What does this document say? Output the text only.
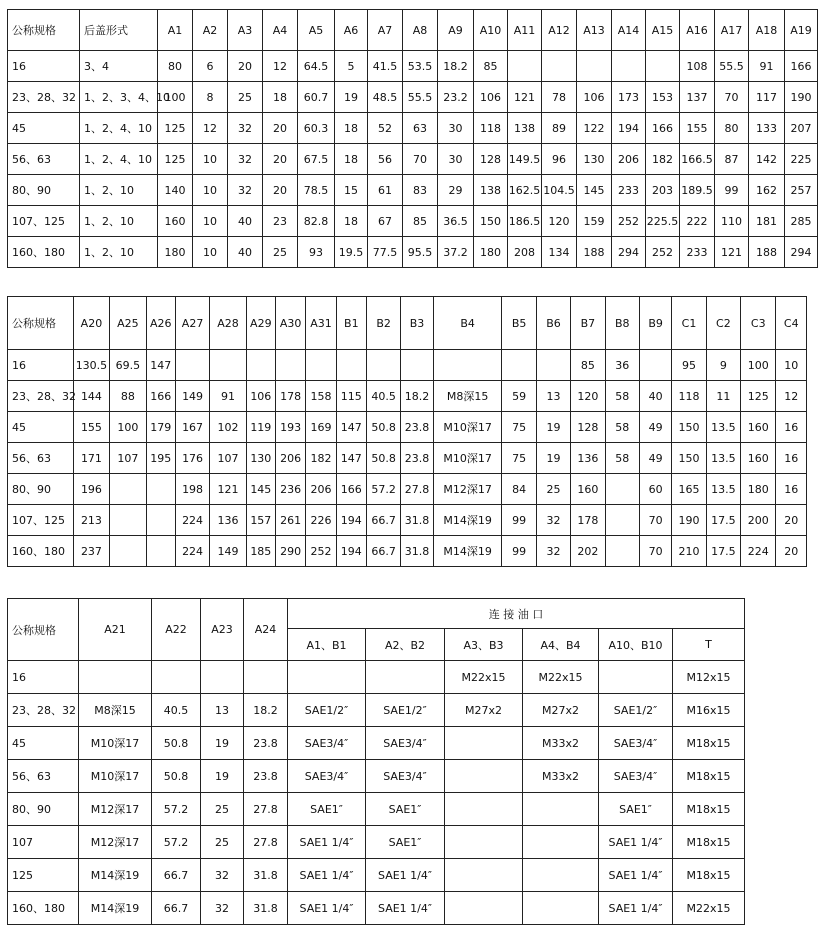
公称规格	后盖形式	A1	A2	A3	A4	A5	A6	A7	A8	A9	A10	A11	A12	A13	A14	A15	A16	A17	A18	A19
16	3、4	80	6	20	12	64.5	5	41.5	53.5	18.2	85						108	55.5	91	166
23、28、32	1、2、3、4、10	100	8	25	18	60.7	19	48.5	55.5	23.2	106	121	78	106	173	153	137	70	117	190
45	1、2、4、10	125	12	32	20	60.3	18	52	63	30	118	138	89	122	194	166	155	80	133	207
56、63	1、2、4、10	125	10	32	20	67.5	18	56	70	30	128	149.5	96	130	206	182	166.5	87	142	225
80、90	1、2、10	140	10	32	20	78.5	15	61	83	29	138	162.5	104.5	145	233	203	189.5	99	162	257
107、125	1、2、10	160	10	40	23	82.8	18	67	85	36.5	150	186.5	120	159	252	225.5	222	110	181	285
160、180	1、2、10	180	10	40	25	93	19.5	77.5	95.5	37.2	180	208	134	188	294	252	233	121	188	294
公称规格	A20	A25	A26	A27	A28	A29	A30	A31	B1	B2	B3	B4	B5	B6	B7	B8	B9	C1	C2	C3	C4
16	130.5	69.5	147												85	36		95	9	100	10
23、28、32	144	88	166	149	91	106	178	158	115	40.5	18.2	M8深15	59	13	120	58	40	118	11	125	12
45	155	100	179	167	102	119	193	169	147	50.8	23.8	M10深17	75	19	128	58	49	150	13.5	160	16
56、63	171	107	195	176	107	130	206	182	147	50.8	23.8	M10深17	75	19	136	58	49	150	13.5	160	16
80、90	196			198	121	145	236	206	166	57.2	27.8	M12深17	84	25	160		60	165	13.5	180	16
107、125	213			224	136	157	261	226	194	66.7	31.8	M14深19	99	32	178		70	190	17.5	200	20
160、180	237			224	149	185	290	252	194	66.7	31.8	M14深19	99	32	202		70	210	17.5	224	20
公称规格	A21	A22	A23	A24	连 接 油 口					
					A1、B1	A2、B2	A3、B3	A4、B4	A10、B10	T
16							M22x15	M22x15		M12x15
23、28、32	M8深15	40.5	13	18.2	SAE1/2″	SAE1/2″	M27x2	M27x2	SAE1/2″	M16x15
45	M10深17	50.8	19	23.8	SAE3/4″	SAE3/4″		M33x2	SAE3/4″	M18x15
56、63	M10深17	50.8	19	23.8	SAE3/4″	SAE3/4″		M33x2	SAE3/4″	M18x15
80、90	M12深17	57.2	25	27.8	SAE1″	SAE1″			SAE1″	M18x15
107	M12深17	57.2	25	27.8	SAE1 1/4″	SAE1″			SAE1 1/4″	M18x15
125	M14深19	66.7	32	31.8	SAE1 1/4″	SAE1 1/4″			SAE1 1/4″	M18x15
160、180	M14深19	66.7	32	31.8	SAE1 1/4″	SAE1 1/4″			SAE1 1/4″	M22x15
